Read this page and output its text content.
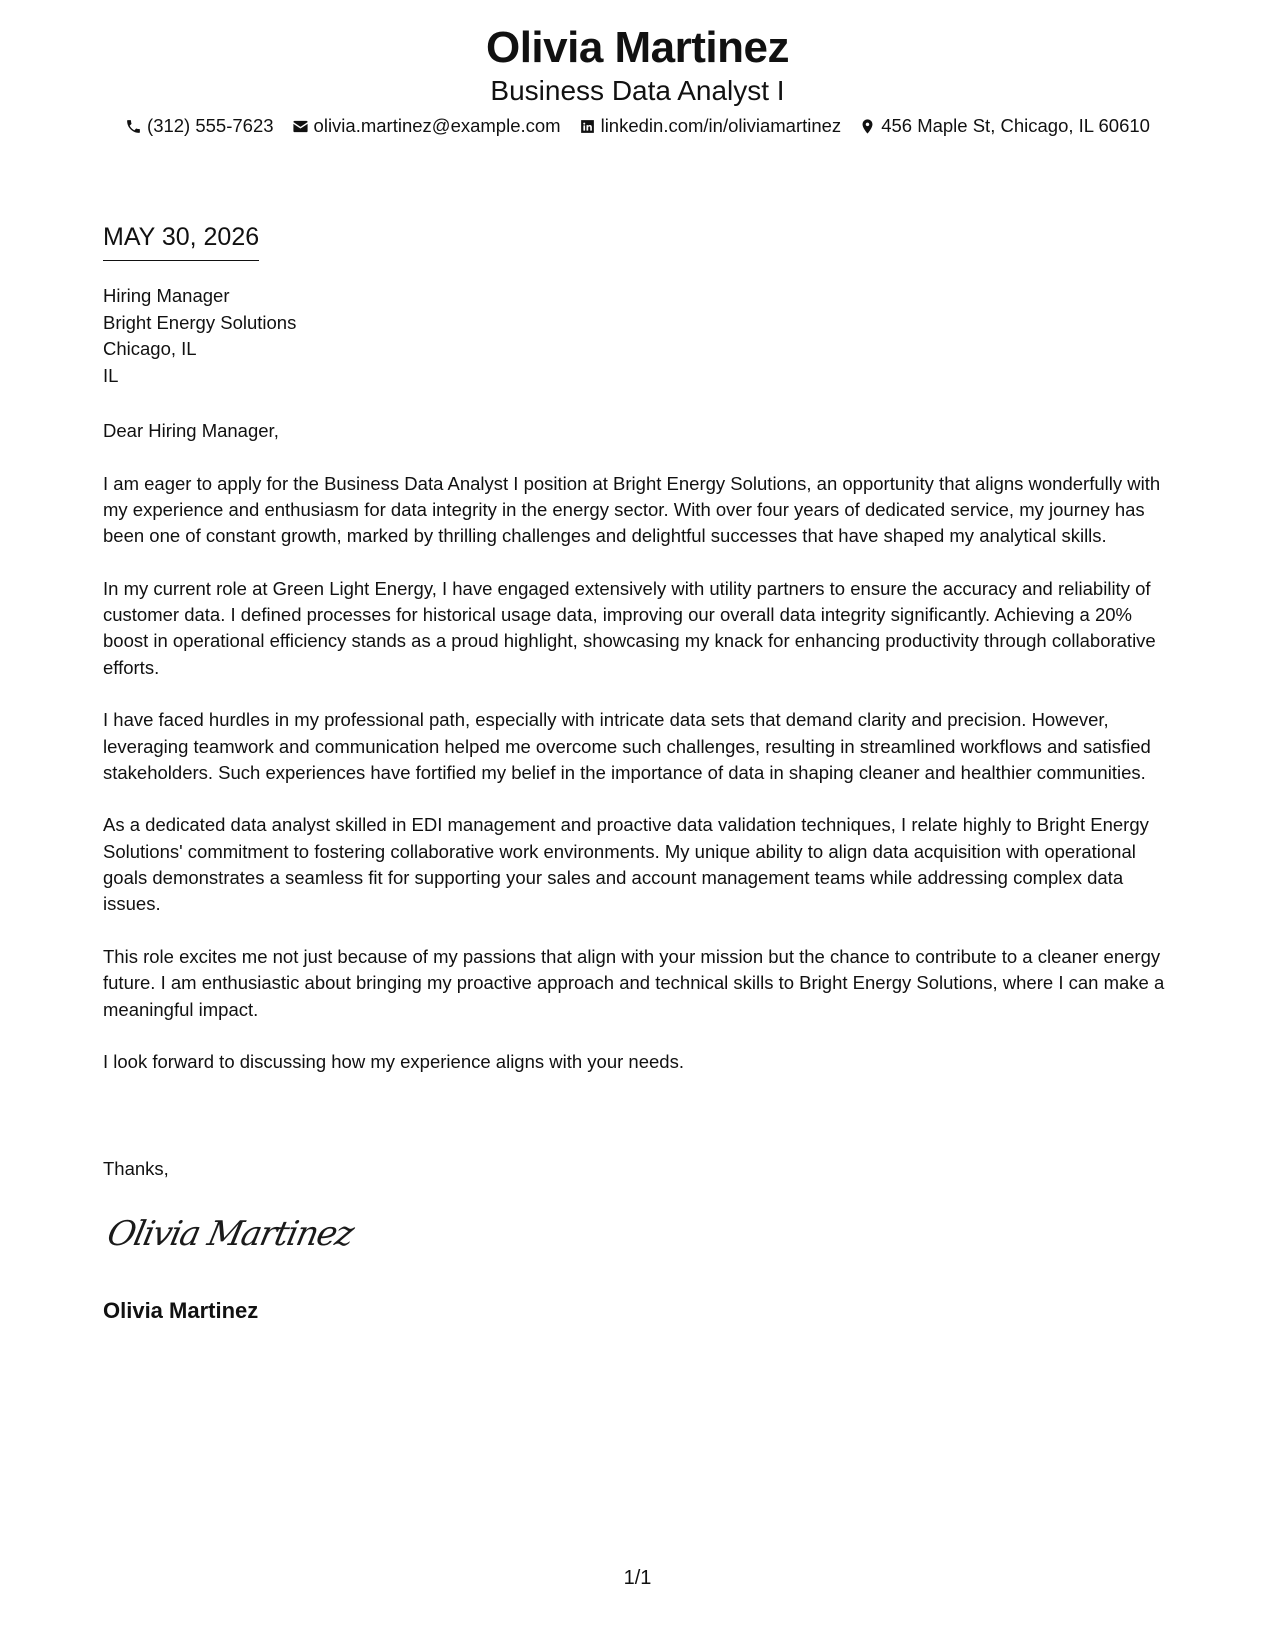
Olivia Martinez
Business Data Analyst I
(312) 555-7623 olivia.martinez@example.com linkedin.com/in/oliviamartinez 456 Maple St, Chicago, IL 60610
MAY 30, 2026
Hiring Manager
Bright Energy Solutions
Chicago, IL
IL

Dear Hiring Manager,

I am eager to apply for the Business Data Analyst I position at Bright Energy Solutions, an opportunity that aligns wonderfully with my experience and enthusiasm for data integrity in the energy sector. With over four years of dedicated service, my journey has been one of constant growth, marked by thrilling challenges and delightful successes that have shaped my analytical skills.

In my current role at Green Light Energy, I have engaged extensively with utility partners to ensure the accuracy and reliability of customer data. I defined processes for historical usage data, improving our overall data integrity significantly. Achieving a 20% boost in operational efficiency stands as a proud highlight, showcasing my knack for enhancing productivity through collaborative efforts.

I have faced hurdles in my professional path, especially with intricate data sets that demand clarity and precision. However, leveraging teamwork and communication helped me overcome such challenges, resulting in streamlined workflows and satisfied stakeholders. Such experiences have fortified my belief in the importance of data in shaping cleaner and healthier communities.

As a dedicated data analyst skilled in EDI management and proactive data validation techniques, I relate highly to Bright Energy Solutions' commitment to fostering collaborative work environments. My unique ability to align data acquisition with operational goals demonstrates a seamless fit for supporting your sales and account management teams while addressing complex data issues.

This role excites me not just because of my passions that align with your mission but the chance to contribute to a cleaner energy future. I am enthusiastic about bringing my proactive approach and technical skills to Bright Energy Solutions, where I can make a meaningful impact.

I look forward to discussing how my experience aligns with your needs.

Thanks,
Olivia Martinez
Olivia Martinez
1/1
